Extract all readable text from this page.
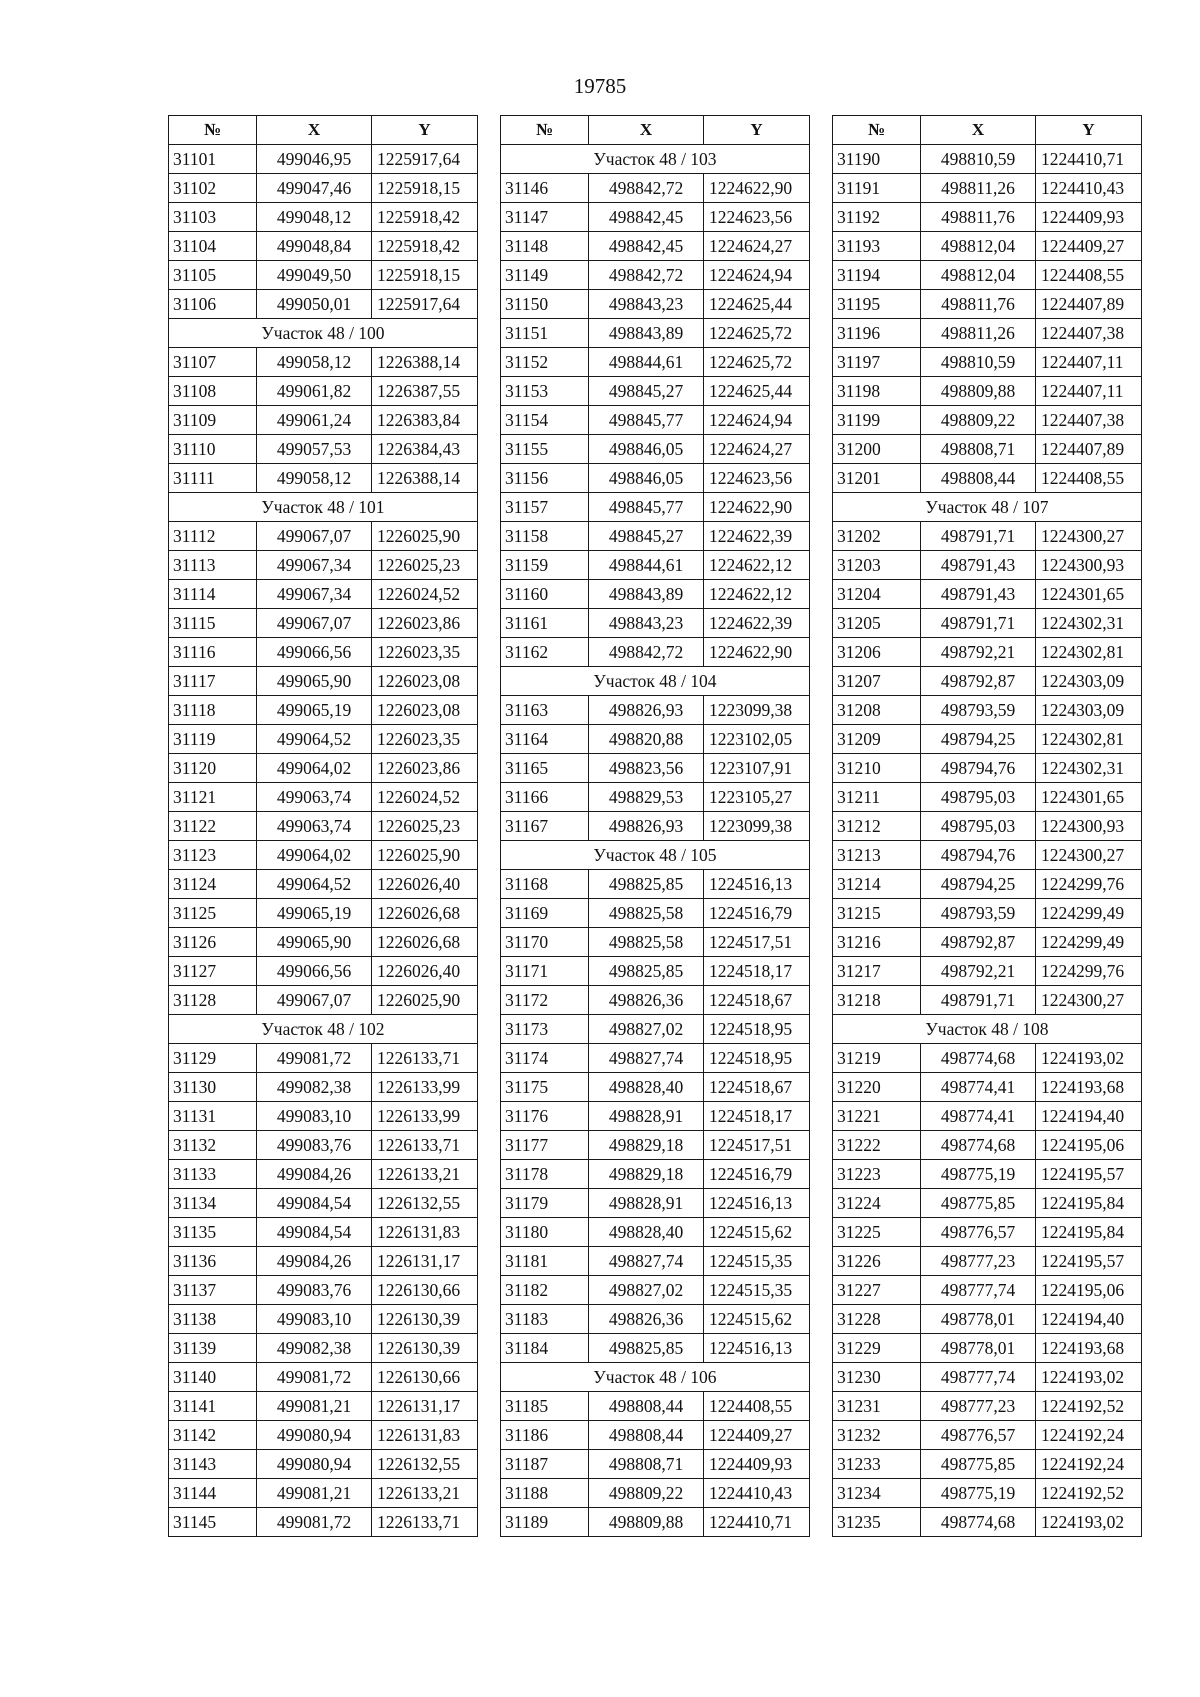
19785
№	X	Y
31101	499046,95	1225917,64
31102	499047,46	1225918,15
31103	499048,12	1225918,42
31104	499048,84	1225918,42
31105	499049,50	1225918,15
31106	499050,01	1225917,64
Участок 48 / 100		
31107	499058,12	1226388,14
31108	499061,82	1226387,55
31109	499061,24	1226383,84
31110	499057,53	1226384,43
31111	499058,12	1226388,14
Участок 48 / 101		
31112	499067,07	1226025,90
31113	499067,34	1226025,23
31114	499067,34	1226024,52
31115	499067,07	1226023,86
31116	499066,56	1226023,35
31117	499065,90	1226023,08
31118	499065,19	1226023,08
31119	499064,52	1226023,35
31120	499064,02	1226023,86
31121	499063,74	1226024,52
31122	499063,74	1226025,23
31123	499064,02	1226025,90
31124	499064,52	1226026,40
31125	499065,19	1226026,68
31126	499065,90	1226026,68
31127	499066,56	1226026,40
31128	499067,07	1226025,90
Участок 48 / 102		
31129	499081,72	1226133,71
31130	499082,38	1226133,99
31131	499083,10	1226133,99
31132	499083,76	1226133,71
31133	499084,26	1226133,21
31134	499084,54	1226132,55
31135	499084,54	1226131,83
31136	499084,26	1226131,17
31137	499083,76	1226130,66
31138	499083,10	1226130,39
31139	499082,38	1226130,39
31140	499081,72	1226130,66
31141	499081,21	1226131,17
31142	499080,94	1226131,83
31143	499080,94	1226132,55
31144	499081,21	1226133,21
31145	499081,72	1226133,71
№	X	Y
Участок 48 / 103		
31146	498842,72	1224622,90
31147	498842,45	1224623,56
31148	498842,45	1224624,27
31149	498842,72	1224624,94
31150	498843,23	1224625,44
31151	498843,89	1224625,72
31152	498844,61	1224625,72
31153	498845,27	1224625,44
31154	498845,77	1224624,94
31155	498846,05	1224624,27
31156	498846,05	1224623,56
31157	498845,77	1224622,90
31158	498845,27	1224622,39
31159	498844,61	1224622,12
31160	498843,89	1224622,12
31161	498843,23	1224622,39
31162	498842,72	1224622,90
Участок 48 / 104		
31163	498826,93	1223099,38
31164	498820,88	1223102,05
31165	498823,56	1223107,91
31166	498829,53	1223105,27
31167	498826,93	1223099,38
Участок 48 / 105		
31168	498825,85	1224516,13
31169	498825,58	1224516,79
31170	498825,58	1224517,51
31171	498825,85	1224518,17
31172	498826,36	1224518,67
31173	498827,02	1224518,95
31174	498827,74	1224518,95
31175	498828,40	1224518,67
31176	498828,91	1224518,17
31177	498829,18	1224517,51
31178	498829,18	1224516,79
31179	498828,91	1224516,13
31180	498828,40	1224515,62
31181	498827,74	1224515,35
31182	498827,02	1224515,35
31183	498826,36	1224515,62
31184	498825,85	1224516,13
Участок 48 / 106		
31185	498808,44	1224408,55
31186	498808,44	1224409,27
31187	498808,71	1224409,93
31188	498809,22	1224410,43
31189	498809,88	1224410,71
№	X	Y
31190	498810,59	1224410,71
31191	498811,26	1224410,43
31192	498811,76	1224409,93
31193	498812,04	1224409,27
31194	498812,04	1224408,55
31195	498811,76	1224407,89
31196	498811,26	1224407,38
31197	498810,59	1224407,11
31198	498809,88	1224407,11
31199	498809,22	1224407,38
31200	498808,71	1224407,89
31201	498808,44	1224408,55
Участок 48 / 107		
31202	498791,71	1224300,27
31203	498791,43	1224300,93
31204	498791,43	1224301,65
31205	498791,71	1224302,31
31206	498792,21	1224302,81
31207	498792,87	1224303,09
31208	498793,59	1224303,09
31209	498794,25	1224302,81
31210	498794,76	1224302,31
31211	498795,03	1224301,65
31212	498795,03	1224300,93
31213	498794,76	1224300,27
31214	498794,25	1224299,76
31215	498793,59	1224299,49
31216	498792,87	1224299,49
31217	498792,21	1224299,76
31218	498791,71	1224300,27
Участок 48 / 108		
31219	498774,68	1224193,02
31220	498774,41	1224193,68
31221	498774,41	1224194,40
31222	498774,68	1224195,06
31223	498775,19	1224195,57
31224	498775,85	1224195,84
31225	498776,57	1224195,84
31226	498777,23	1224195,57
31227	498777,74	1224195,06
31228	498778,01	1224194,40
31229	498778,01	1224193,68
31230	498777,74	1224193,02
31231	498777,23	1224192,52
31232	498776,57	1224192,24
31233	498775,85	1224192,24
31234	498775,19	1224192,52
31235	498774,68	1224193,02
